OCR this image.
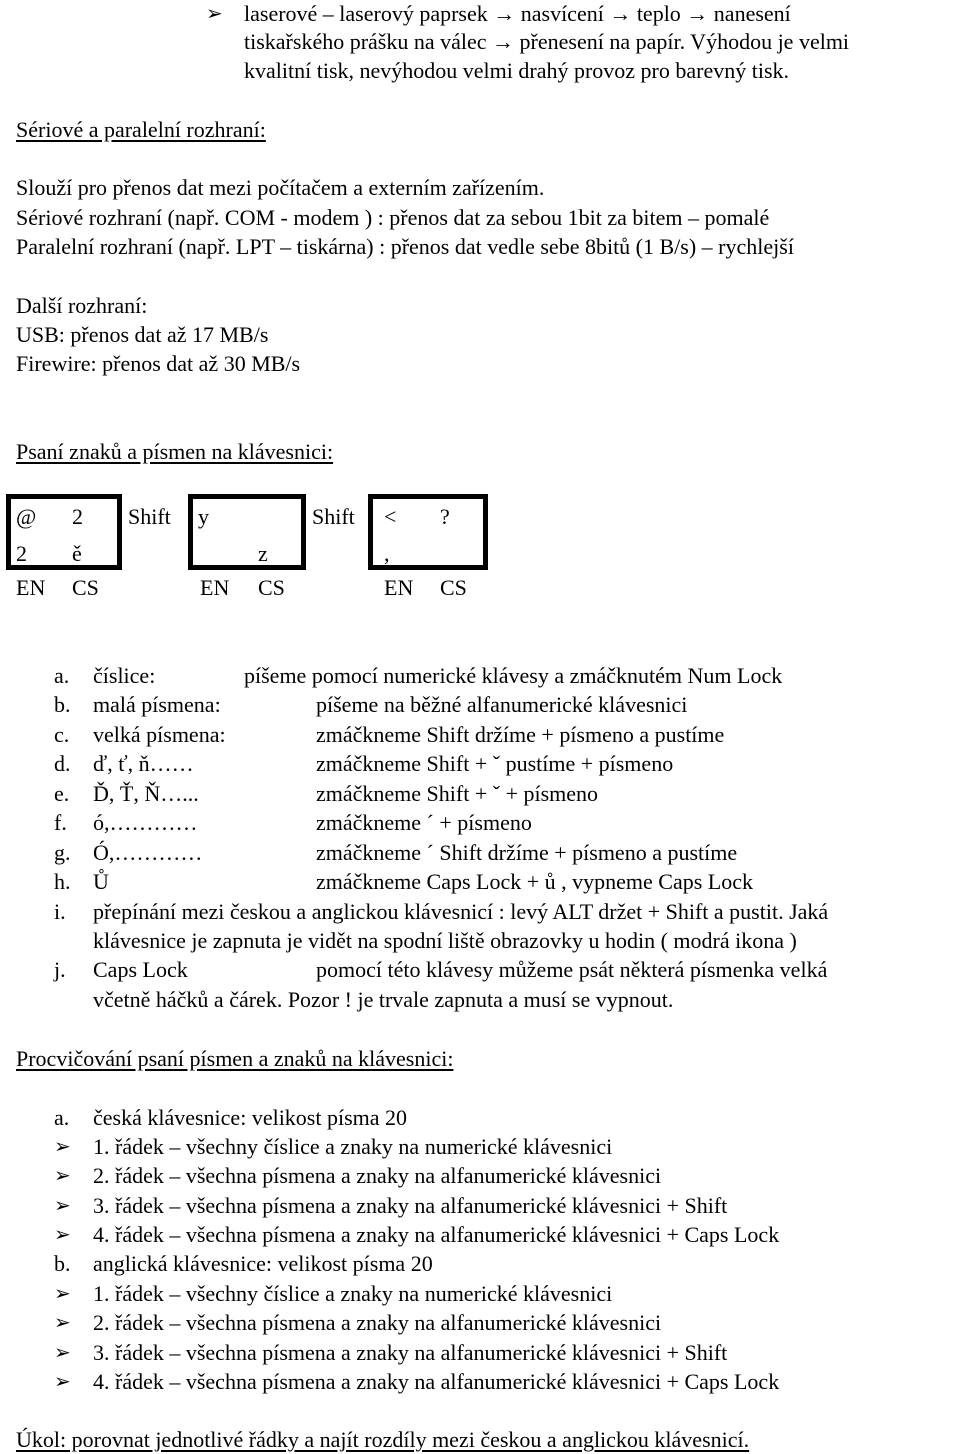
➢ laserové – laserový paprsek → nasvícení → teplo → nanesení
tiskařského prášku na válec → přenesení na papír. Výhodou je velmi
kvalitní tisk, nevýhodou velmi drahý provoz pro barevný tisk.
Sériové a paralelní rozhraní:
Slouží pro přenos dat mezi počítačem a externím zařízením.
Sériové rozhraní (např. COM - modem ) : přenos dat za sebou 1bit za bitem – pomalé
Paralelní rozhraní (např. LPT – tiskárna) : přenos dat vedle sebe 8bitů (1 B/s) – rychlejší
Další rozhraní:
USB: přenos dat až 17 MB/s
Firewire: přenos dat až 30 MB/s
Psaní znaků a písmen na klávesnici:
@ 2 Shift y	Shift < ?
2 ě	z	,
EN CS	EN CS	EN CS
a. číslice:	píšeme pomocí numerické klávesy a zmáčknutém Num Lock
b. malá písmena:	píšeme na běžné alfanumerické klávesnici
c. velká písmena:	zmáčkneme Shift držíme + písmeno a pustíme
d. ď, ť, ň……	zmáčkneme Shift + ˇ pustíme + písmeno
e. Ď, Ť, Ň…...	zmáčkneme Shift + ˇ + písmeno
f. ó,…………	zmáčkneme ´ + písmeno
g. Ó,…………	zmáčkneme ´ Shift držíme + písmeno a pustíme
h. Ů	zmáčkneme Caps Lock + ů , vypneme Caps Lock
i. přepínání mezi českou a anglickou klávesnicí : levý ALT držet + Shift a pustit. Jaká
klávesnice je zapnuta je vidět na spodní liště obrazovky u hodin ( modrá ikona )
j. Caps Lock	pomocí této klávesy můžeme psát některá písmenka velká
včetně háčků a čárek. Pozor ! je trvale zapnuta a musí se vypnout.
Procvičování psaní písmen a znaků na klávesnici:
a. česká klávesnice: velikost písma 20
➢ 1. řádek – všechny číslice a znaky na numerické klávesnici
➢ 2. řádek – všechna písmena a znaky na alfanumerické klávesnici
➢ 3. řádek – všechna písmena a znaky na alfanumerické klávesnici + Shift
➢ 4. řádek – všechna písmena a znaky na alfanumerické klávesnici + Caps Lock
b. anglická klávesnice: velikost písma 20
➢ 1. řádek – všechny číslice a znaky na numerické klávesnici
➢ 2. řádek – všechna písmena a znaky na alfanumerické klávesnici
➢ 3. řádek – všechna písmena a znaky na alfanumerické klávesnici + Shift
➢ 4. řádek – všechna písmena a znaky na alfanumerické klávesnici + Caps Lock
Úkol: porovnat jednotlivé řádky a najít rozdíly mezi českou a anglickou klávesnicí.
